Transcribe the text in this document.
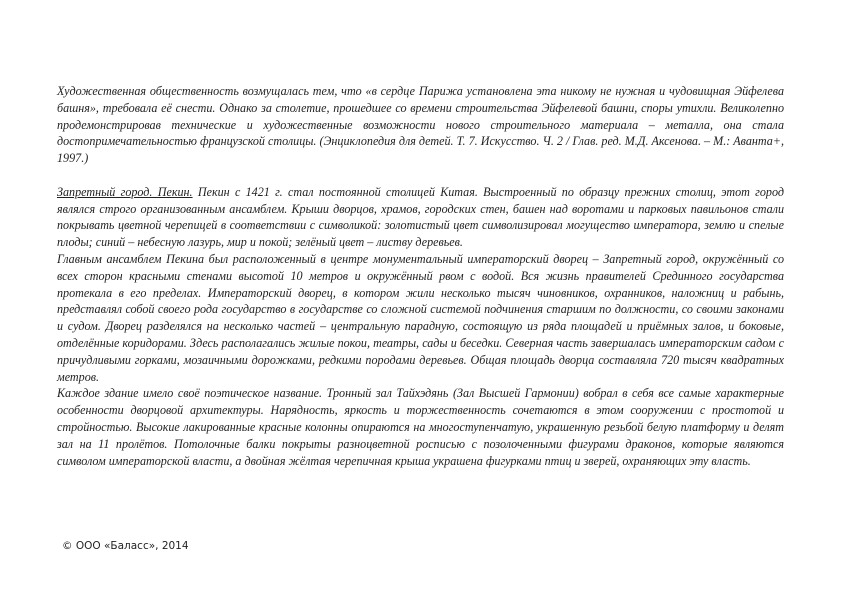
Художественная общественность возмущалась тем, что «в сердце Парижа установлена эта никому не нужная и чудовищная Эйфелева башня», требовала её снести. Однако за столетие, прошедшее со времени строительства Эйфелевой башни, споры утихли. Великолепно продемонстрировав технические и художественные возможности нового строительного материала – металла, она стала достопримечательностью французской столицы. (Энциклопедия для детей. Т. 7. Искусство. Ч. 2 / Глав. ред. М.Д. Аксенова. – М.: Аванта+, 1997.)

Запретный город. Пекин. Пекин с 1421 г. стал постоянной столицей Китая. Выстроенный по образцу прежних столиц, этот город являлся строго организованным ансамблем. Крыши дворцов, храмов, городских стен, башен над воротами и парковых павильонов стали покрывать цветной черепицей в соответствии с символикой: золотистый цвет символизировал могущество императора, землю и спелые плоды; синий – небесную лазурь, мир и покой; зелёный цвет – листву деревьев.

Главным ансамблем Пекина был расположенный в центре монументальный императорский дворец – Запретный город, окружённый со всех сторон красными стенами высотой 10 метров и окружённый рвом с водой. Вся жизнь правителей Срединного государства протекала в его пределах. Императорский дворец, в котором жили несколько тысяч чиновников, охранников, наложниц и рабынь, представлял собой своего рода государство в государстве со сложной системой подчинения старшим по должности, со своими законами и судом. Дворец разделялся на несколько частей – центральную парадную, состоящую из ряда площадей и приёмных залов, и боковые, отделённые коридорами. Здесь располагались жилые покои, театры, сады и беседки. Северная часть завершалась императорским садом с причудливыми горками, мозаичными дорожками, редкими породами деревьев. Общая площадь дворца составляла 720 тысяч квадратных метров.

Каждое здание имело своё поэтическое название. Тронный зал Тайхэдянь (Зал Высшей Гармонии) вобрал в себя все самые характерные особенности дворцовой архитектуры. Нарядность, яркость и торжественность сочетаются в этом сооружении с простотой и стройностью. Высокие лакированные красные колонны опираются на многоступенчатую, украшенную резьбой белую платформу и делят зал на 11 пролётов. Потолочные балки покрыты разноцветной росписью с позолоченными фигурами драконов, которые являются символом императорской власти, а двойная жёлтая черепичная крыша украшена фигурками птиц и зверей, охраняющих эту власть.

© ООО «Баласс», 2014
